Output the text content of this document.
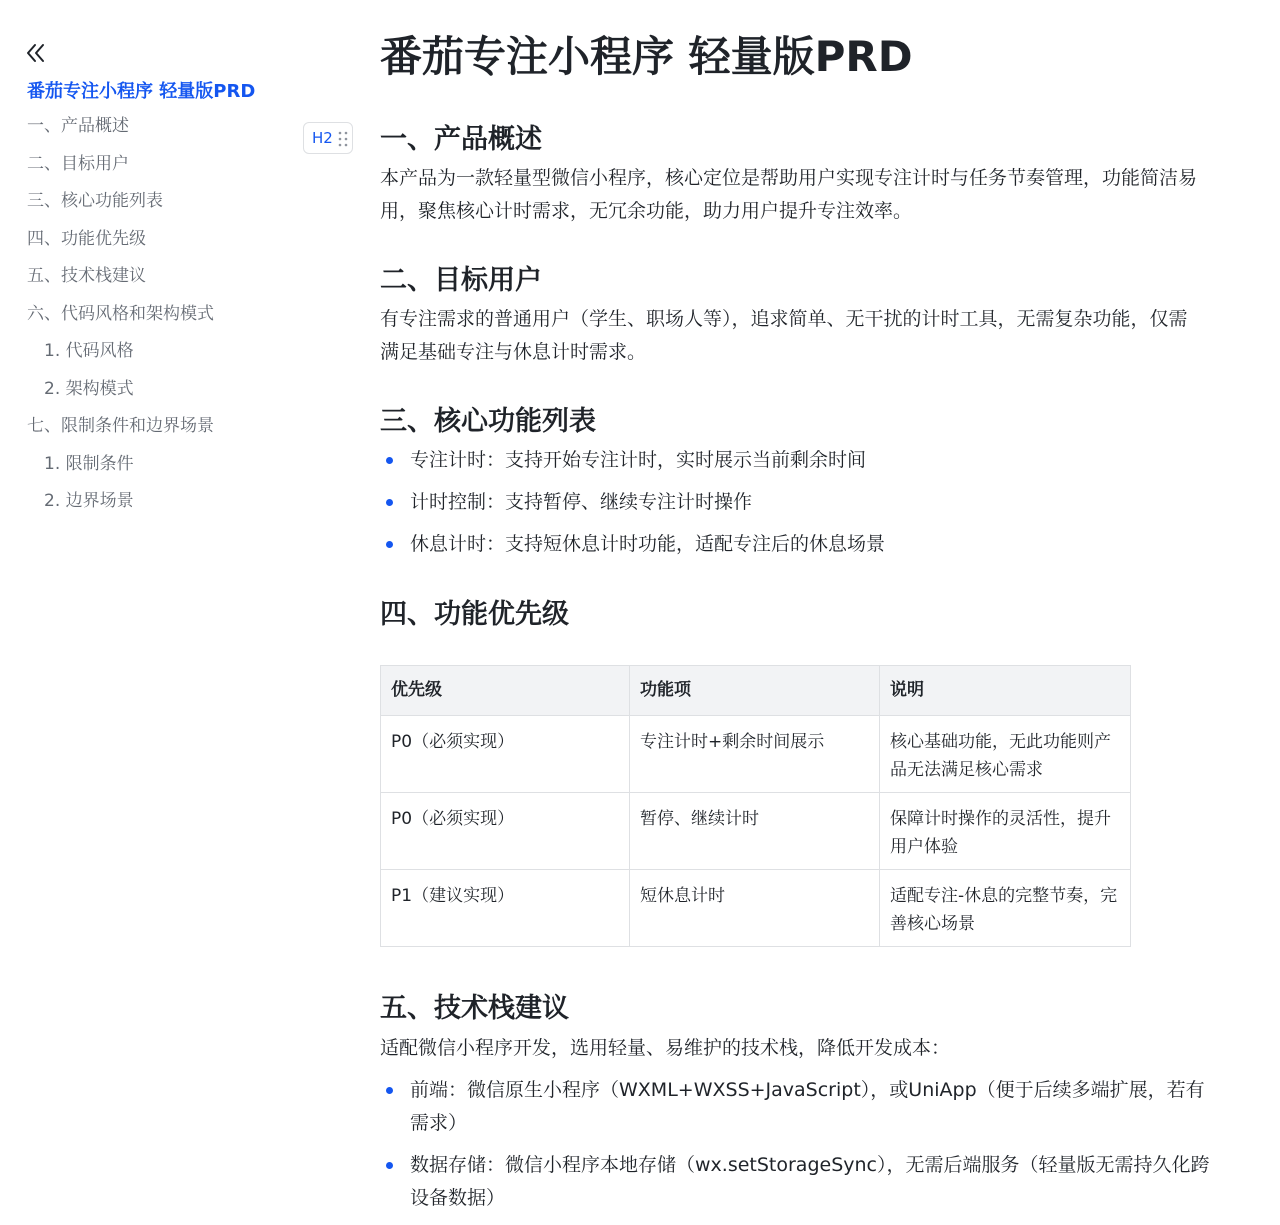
番茄专注小程序 轻量版PRD
一、产品概述
二、目标用户
三、核心功能列表
四、功能优先级
五、技术栈建议
六、代码风格和架构模式
1. 代码风格
2. 架构模式
七、限制条件和边界场景
1. 限制条件
2. 边界场景
H2
番茄专注小程序 轻量版PRD
一、产品概述

本产品为一款轻量型微信小程序，核心定位是帮助用户实现专注计时与任务节奏管理，功能简洁易用，聚焦核心计时需求，无冗余功能，助力用户提升专注效率。

二、目标用户

有专注需求的普通用户（学生、职场人等），追求简单、无干扰的计时工具，无需复杂功能，仅需满足基础专注与休息计时需求。

三、核心功能列表
专注计时：支持开始专注计时，实时展示当前剩余时间
计时控制：支持暂停、继续专注计时操作
休息计时：支持短休息计时功能，适配专注后的休息场景
四、功能优先级
优先级	功能项	说明
P0（必须实现）	专注计时+剩余时间展示	核心基础功能，无此功能则产品无法满足核心需求
P0（必须实现）	暂停、继续计时	保障计时操作的灵活性，提升用户体验
P1（建议实现）	短休息计时	适配专注-休息的完整节奏，完善核心场景
五、技术栈建议

适配微信小程序开发，选用轻量、易维护的技术栈，降低开发成本：

前端：微信原生小程序（WXML+WXSS+JavaScript），或UniApp（便于后续多端扩展，若有需求）
数据存储：微信小程序本地存储（wx.setStorageSync），无需后端服务（轻量版无需持久化跨设备数据）
